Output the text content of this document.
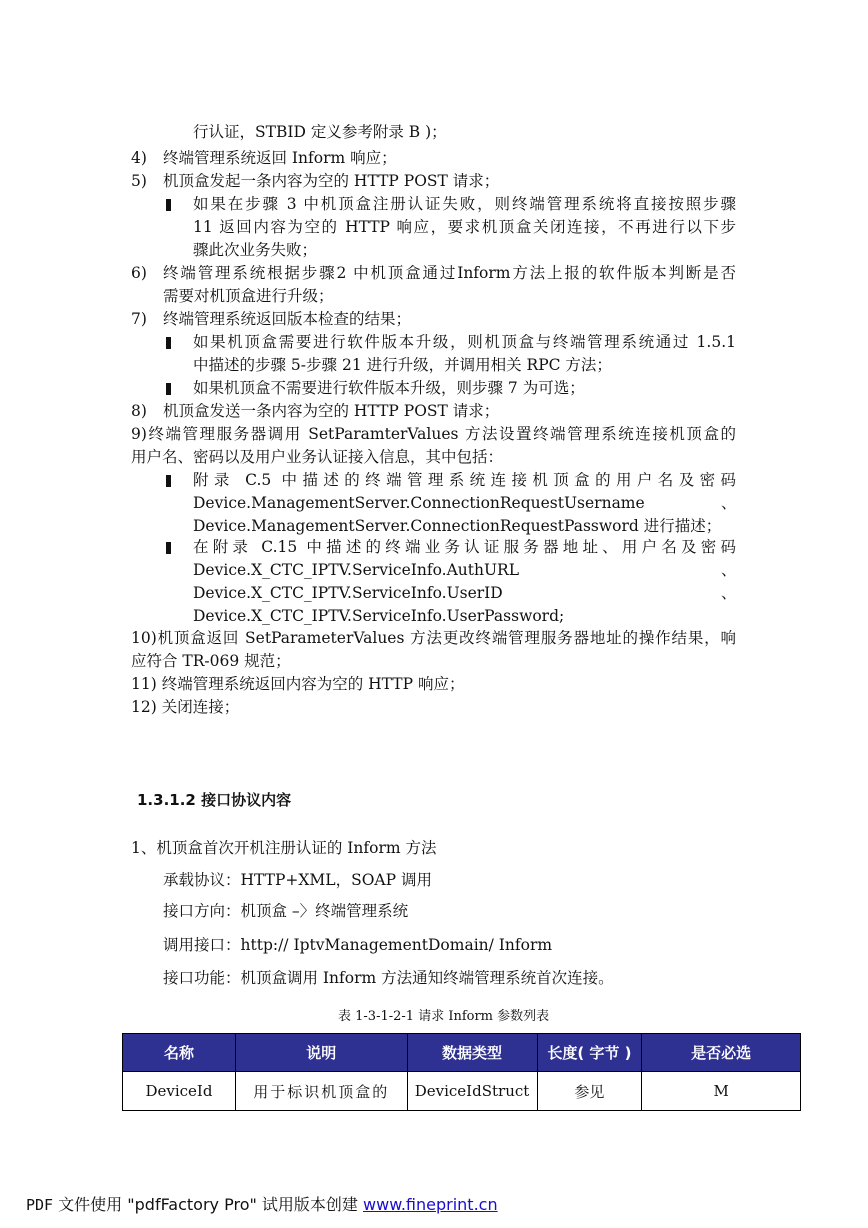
行认证，STBID 定义参考附录 B )；
4) 终端管理系统返回 Inform 响应；
5) 机顶盒发起一条内容为空的 HTTP POST 请求；
如果在步骤 3 中机顶盒注册认证失败，则终端管理系统将直接按照步骤
11 返回内容为空的 HTTP 响应，要求机顶盒关闭连接，不再进行以下步
骤此次业务失败；
6) 终端管理系统根据步骤2 中机顶盒通过Inform方法上报的软件版本判断是否
需要对机顶盒进行升级；
7) 终端管理系统返回版本检查的结果；
如果机顶盒需要进行软件版本升级，则机顶盒与终端管理系统通过 1.5.1
中描述的步骤 5-步骤 21 进行升级，并调用相关 RPC 方法；
如果机顶盒不需要进行软件版本升级，则步骤 7 为可选；
8) 机顶盒发送一条内容为空的 HTTP POST 请求；
9)终端管理服务器调用 SetParamterValues 方法设置终端管理系统连接机顶盒的
用户名、密码以及用户业务认证接入信息，其中包括：
附录 C.5 中描述的终端管理系统连接机顶盒的用户名及密码
Device.ManagementServer.ConnectionRequestUsername	、
Device.ManagementServer.ConnectionRequestPassword 进行描述；
在附录 C.15 中描述的终端业务认证服务器地址、用户名及密码
Device.X_CTC_IPTV.ServiceInfo.AuthURL	、
Device.X_CTC_IPTV.ServiceInfo.UserID	、
Device.X_CTC_IPTV.ServiceInfo.UserPassword;
10)机顶盒返回 SetParameterValues 方法更改终端管理服务器地址的操作结果，响
应符合 TR-069 规范；
11) 终端管理系统返回内容为空的 HTTP 响应；
12) 关闭连接；
1.3.1.2 接口协议内容
1、机顶盒首次开机注册认证的 Inform 方法
承载协议：HTTP+XML，SOAP 调用
接口方向：机顶盒 –〉终端管理系统
调用接口：http:// IptvManagementDomain/ Inform
接口功能：机顶盒调用 Inform 方法通知终端管理系统首次连接。
表 1-3-1-2-1 请求 Inform 参数列表
名称	说明	数据类型	长度( 字节 )	是否必选
DeviceId	用于标识机顶盒的	DeviceIdStruct	参见	M
PDF 文件使用 "pdfFactory Pro" 试用版本创建 www.fineprint.cn
